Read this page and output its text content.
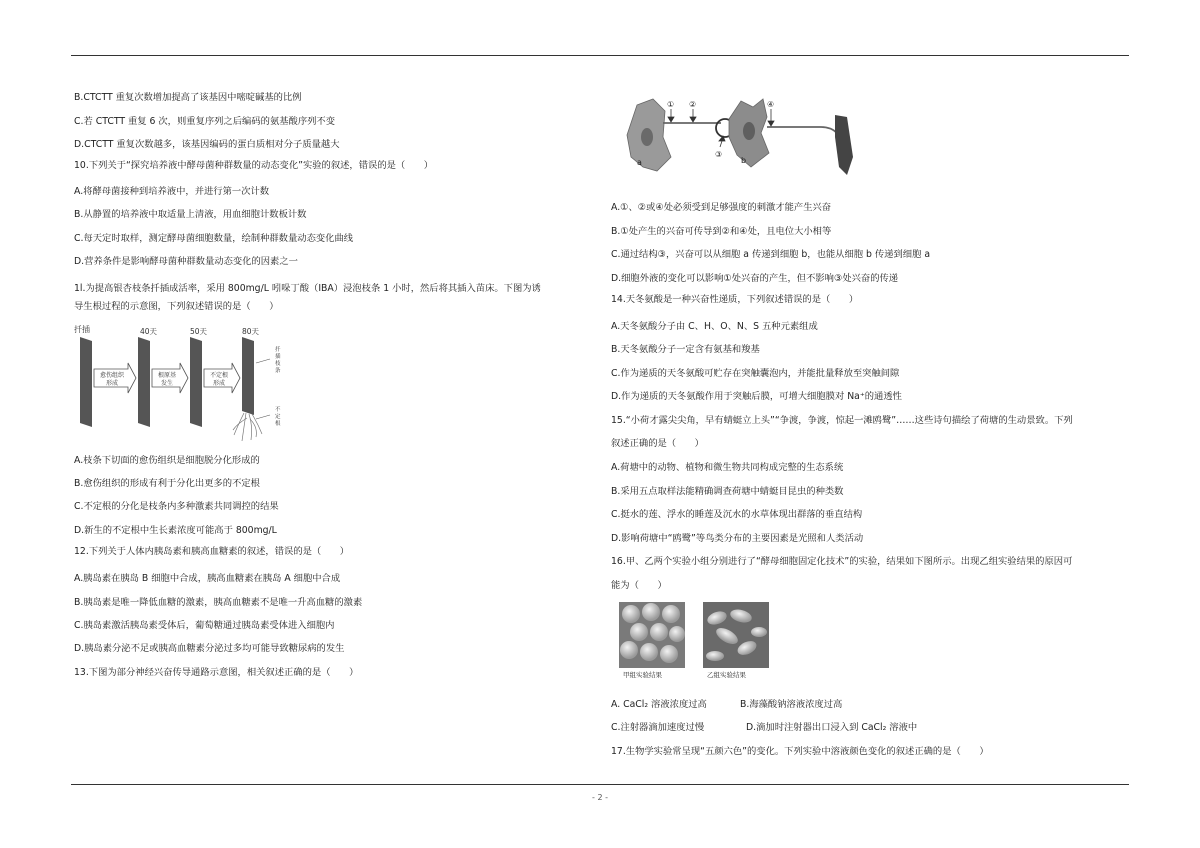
B.CTCTT 重复次数增加提高了该基因中嘧啶碱基的比例
C.若 CTCTT 重复 6 次，则重复序列之后编码的氨基酸序列不变
D.CTCTT 重复次数越多，该基因编码的蛋白质相对分子质量越大
10.下列关于“探究培养液中酵母菌种群数量的动态变化”实验的叙述，错误的是（　　）
A.将酵母菌接种到培养液中，并进行第一次计数
B.从静置的培养液中取适量上清液，用血细胞计数板计数
C.每天定时取样，测定酵母菌细胞数量，绘制种群数量动态变化曲线
D.营养条件是影响酵母菌种群数量动态变化的因素之一
1l.为提高银杏枝条扦插成活率，采用 800mg/L 吲哚丁酸（IBA）浸泡枝条 1 小时，然后将其插入苗床。下图为诱
导生根过程的示意图，下列叙述错误的是（　　）
扦插	40天	50天	80天
愈伤组织
形成
根原基
发生
不定根
形成
扦
插
枝
条
不
定
根
A.枝条下切面的愈伤组织是细胞脱分化形成的
B.愈伤组织的形成有利于分化出更多的不定根
C.不定根的分化是枝条内多种激素共同调控的结果
D.新生的不定根中生长素浓度可能高于 800mg/L
12.下列关于人体内胰岛素和胰高血糖素的叙述，错误的是（　　）
A.胰岛素在胰岛 B 细胞中合成，胰高血糖素在胰岛 A 细胞中合成
B.胰岛素是唯一降低血糖的激素，胰高血糖素不是唯一升高血糖的激素
C.胰岛素激活胰岛素受体后，葡萄糖通过胰岛素受体进入细胞内
D.胰岛素分泌不足或胰高血糖素分泌过多均可能导致糖尿病的发生
13.下图为部分神经兴奋传导通路示意图，相关叙述正确的是（　　）
a	b
① ②
③
④
A.①、②或④处必须受到足够强度的刺激才能产生兴奋
B.①处产生的兴奋可传导到②和④处，且电位大小相等
C.通过结构③，兴奋可以从细胞 a 传递到细胞 b，也能从细胞 b 传递到细胞 a
D.细胞外液的变化可以影响①处兴奋的产生，但不影响③处兴奋的传递
14.天冬氨酸是一种兴奋性递质，下列叙述错误的是（　　）
A.天冬氨酸分子由 C、H、O、N、S 五种元素组成
B.天冬氨酸分子一定含有氨基和羧基
C.作为递质的天冬氨酸可贮存在突触囊泡内，并能批量释放至突触间隙
D.作为递质的天冬氨酸作用于突触后膜，可增大细胞膜对 Na⁺的通透性
15.“小荷才露尖尖角，早有蜻蜓立上头”“争渡，争渡，惊起一滩鸥鹭”……这些诗句描绘了荷塘的生动景致。下列
叙述正确的是（　　）
A.荷塘中的动物、植物和微生物共同构成完整的生态系统
B.采用五点取样法能精确调查荷塘中蜻蜓目昆虫的种类数
C.挺水的莲、浮水的睡莲及沉水的水草体现出群落的垂直结构
D.影响荷塘中“鸥鹭”等鸟类分布的主要因素是光照和人类活动
16.甲、乙两个实验小组分别进行了“酵母细胞固定化技术”的实验，结果如下图所示。出现乙组实验结果的原因可
能为（　　）
甲组实验结果	乙组实验结果
A. CaCl₂ 溶液浓度过高	B.海藻酸钠溶液浓度过高
C.注射器滴加速度过慢	D.滴加时注射器出口浸入到 CaCl₂ 溶液中
17.生物学实验常呈现“五颜六色”的变化。下列实验中溶液颜色变化的叙述正确的是（　　）
- 2 -
